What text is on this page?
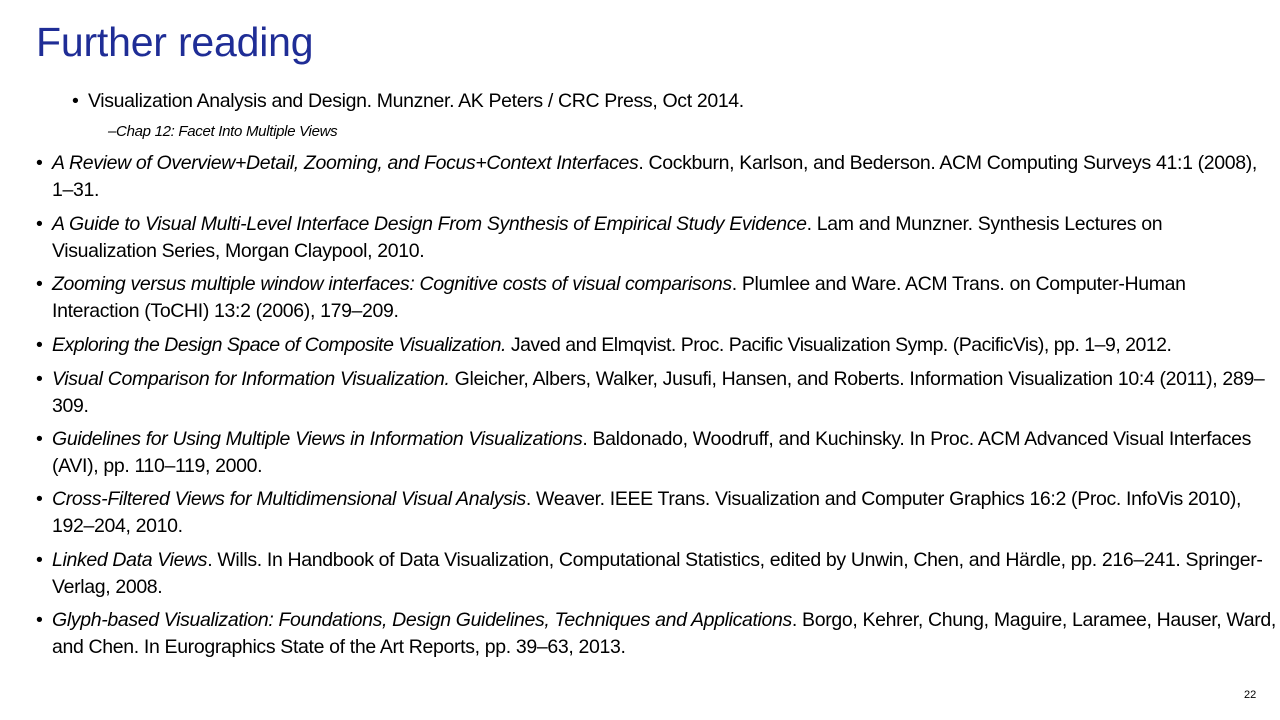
Further reading
• Visualization Analysis and Design. Munzner. AK Peters / CRC Press, Oct 2014.
–Chap 12: Facet Into Multiple Views
• A Review of Overview+Detail, Zooming, and Focus+Context Interfaces. Cockburn, Karlson, and Bederson. ACM Computing Surveys 41:1 (2008), 1–31.
• A Guide to Visual Multi-Level Interface Design From Synthesis of Empirical Study Evidence. Lam and Munzner. Synthesis Lectures on Visualization Series, Morgan Claypool, 2010.
• Zooming versus multiple window interfaces: Cognitive costs of visual comparisons. Plumlee and Ware. ACM Trans. on Computer-Human Interaction (ToCHI) 13:2 (2006), 179–209.
• Exploring the Design Space of Composite Visualization. Javed and Elmqvist. Proc. Pacific Visualization Symp. (PacificVis), pp. 1–9, 2012.
• Visual Comparison for Information Visualization. Gleicher, Albers, Walker, Jusufi, Hansen, and Roberts. Information Visualization 10:4 (2011), 289–309.
• Guidelines for Using Multiple Views in Information Visualizations. Baldonado, Woodruff, and Kuchinsky. In Proc. ACM Advanced Visual Interfaces (AVI), pp. 110–119, 2000.
• Cross-Filtered Views for Multidimensional Visual Analysis. Weaver. IEEE Trans. Visualization and Computer Graphics 16:2 (Proc. InfoVis 2010), 192–204, 2010.
• Linked Data Views. Wills. In Handbook of Data Visualization, Computational Statistics, edited by Unwin, Chen, and Härdle, pp. 216–241. Springer-Verlag, 2008.
• Glyph-based Visualization: Foundations, Design Guidelines, Techniques and Applications. Borgo, Kehrer, Chung, Maguire, Laramee, Hauser, Ward, and Chen. In Eurographics State of the Art Reports, pp. 39–63, 2013.
22
